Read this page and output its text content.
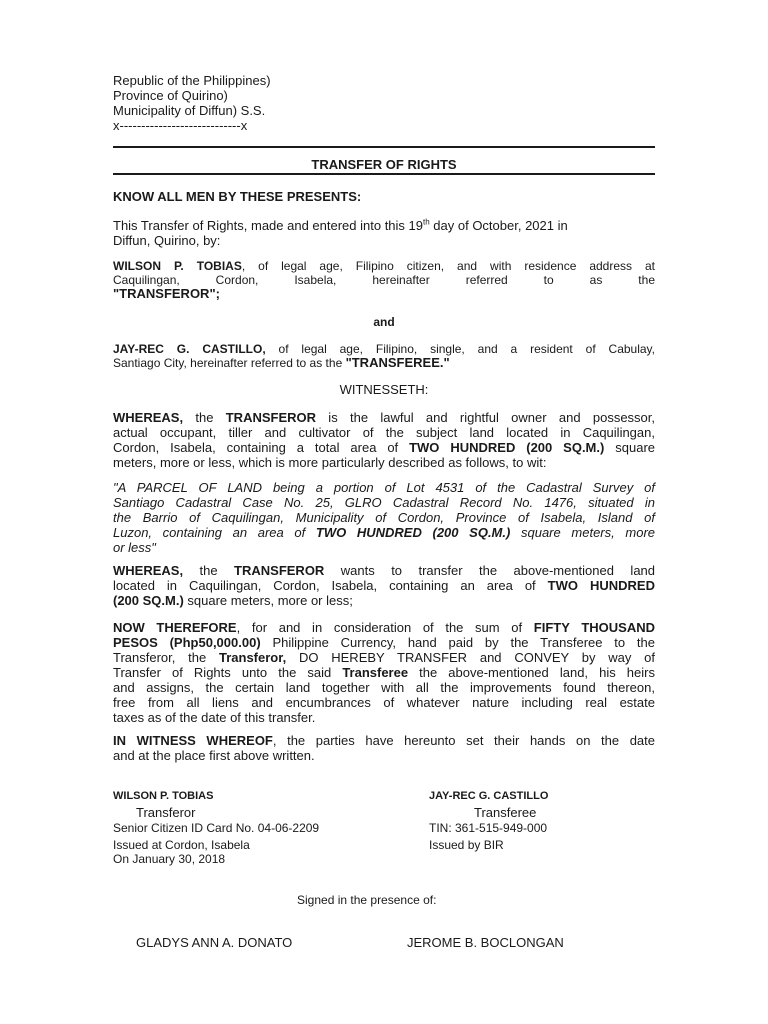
Republic of the Philippines)
Province of Quirino)
Municipality of Diffun) S.S.
x----------------------------x
TRANSFER OF RIGHTS
KNOW ALL MEN BY THESE PRESENTS:
This Transfer of Rights, made and entered into this 19th day of October, 2021 in
Diffun, Quirino, by:
WILSON P. TOBIAS, of legal age, Filipino citizen, and with residence address at
Caquilingan, Cordon, Isabela, hereinafter referred to as the
"TRANSFEROR";
and
JAY-REC G. CASTILLO, of legal age, Filipino, single, and a resident of Cabulay,
Santiago City, hereinafter referred to as the "TRANSFEREE."
WITNESSETH:
WHEREAS, the TRANSFEROR is the lawful and rightful owner and possessor,
actual occupant, tiller and cultivator of the subject land located in Caquilingan,
Cordon, Isabela, containing a total area of TWO HUNDRED (200 SQ.M.) square
meters, more or less, which is more particularly described as follows, to wit:
"A PARCEL OF LAND being a portion of Lot 4531 of the Cadastral Survey of
Santiago Cadastral Case No. 25, GLRO Cadastral Record No. 1476, situated in
the Barrio of Caquilingan, Municipality of Cordon, Province of Isabela, Island of
Luzon, containing an area of TWO HUNDRED (200 SQ.M.) square meters, more
or less"
WHEREAS, the TRANSFEROR wants to transfer the above-mentioned land
located in Caquilingan, Cordon, Isabela, containing an area of TWO HUNDRED
(200 SQ.M.) square meters, more or less;
NOW THEREFORE, for and in consideration of the sum of FIFTY THOUSAND
PESOS (Php50,000.00) Philippine Currency, hand paid by the Transferee to the
Transferor, the Transferor, DO HEREBY TRANSFER and CONVEY by way of
Transfer of Rights unto the said Transferee the above-mentioned land, his heirs
and assigns, the certain land together with all the improvements found thereon,
free from all liens and encumbrances of whatever nature including real estate
taxes as of the date of this transfer.
IN WITNESS WHEREOF, the parties have hereunto set their hands on the date
and at the place first above written.
WILSON P. TOBIAS
Transferor
Senior Citizen ID Card No. 04-06-2209
Issued at Cordon, Isabela
On January 30, 2018
JAY-REC G. CASTILLO
Transferee
TIN: 361-515-949-000
Issued by BIR
Signed in the presence of:
GLADYS ANN A. DONATO	JEROME B. BOCLONGAN
